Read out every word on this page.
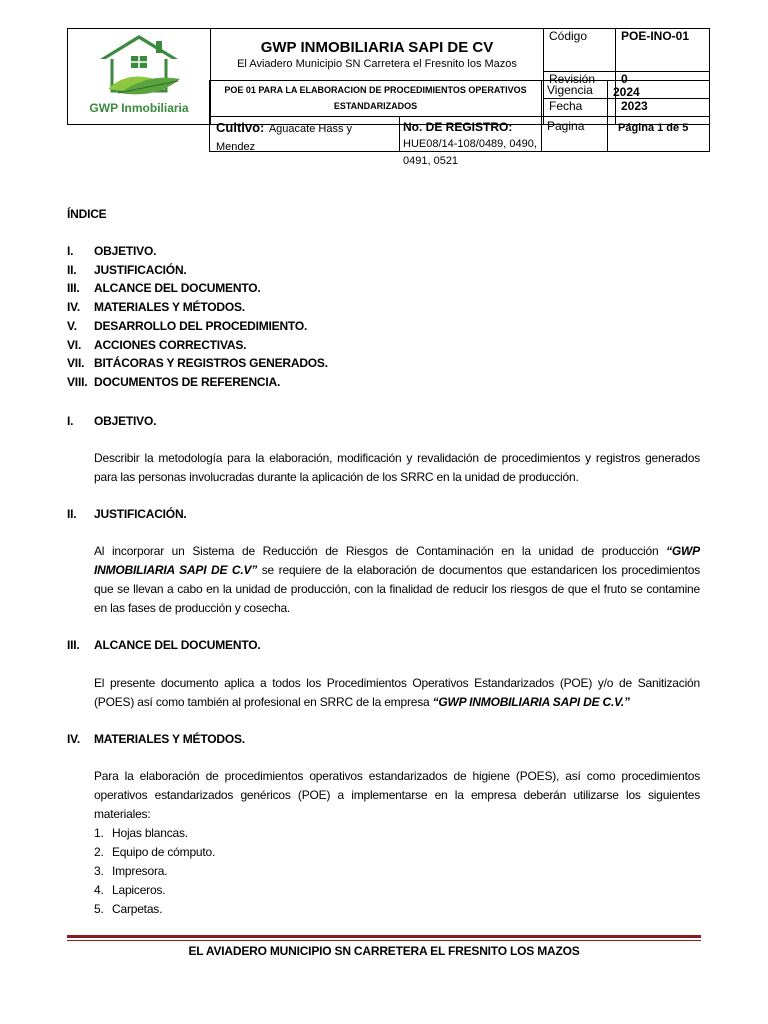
GWP Inmobiliaria	GWP INMOBILIARIA SAPI DE CV
El Aviadero Municipio SN Carretera el Fresnito los Mazos	Código	POE-INO-01
		Revisión	0
		Fecha	2023

POE 01 PARA LA ELABORACION DE PROCEDIMIENTOS OPERATIVOS ESTANDARIZADOS
Vigencia	2024
Cultivo: Aguacate Hass y Mendez
No. DE REGISTRO: HUE08/14-108/0489, 0490, 0491, 0521
Pagina	Página 1 de 5
ÍNDICE
I. OBJETIVO.
II. JUSTIFICACIÓN.
III. ALCANCE DEL DOCUMENTO.
IV. MATERIALES Y MÉTODOS.
V. DESARROLLO DEL PROCEDIMIENTO.
VI. ACCIONES CORRECTIVAS.
VII. BITÁCORAS Y REGISTROS GENERADOS.
VIII. DOCUMENTOS DE REFERENCIA.
I. OBJETIVO.
Describir la metodología para la elaboración, modificación y revalidación de procedimientos y registros generados para las personas involucradas durante la aplicación de los SRRC en la unidad de producción.
II. JUSTIFICACIÓN.
Al incorporar un Sistema de Reducción de Riesgos de Contaminación en la unidad de producción “GWP INMOBILIARIA SAPI DE C.V” se requiere de la elaboración de documentos que estandaricen los procedimientos que se llevan a cabo en la unidad de producción, con la finalidad de reducir los riesgos de que el fruto se contamine en las fases de producción y cosecha.
III. ALCANCE DEL DOCUMENTO.
El presente documento aplica a todos los Procedimientos Operativos Estandarizados (POE) y/o de Sanitización (POES) así como también al profesional en SRRC de la empresa “GWP INMOBILIARIA SAPI DE C.V.”
IV. MATERIALES Y MÉTODOS.
Para la elaboración de procedimientos operativos estandarizados de higiene (POES), así como procedimientos operativos estandarizados genéricos (POE) a implementarse en la empresa deberán utilizarse los siguientes materiales:
1. Hojas blancas.
2. Equipo de cómputo.
3. Impresora.
4. Lapiceros.
5. Carpetas.
EL AVIADERO MUNICIPIO SN CARRETERA EL FRESNITO LOS MAZOS
